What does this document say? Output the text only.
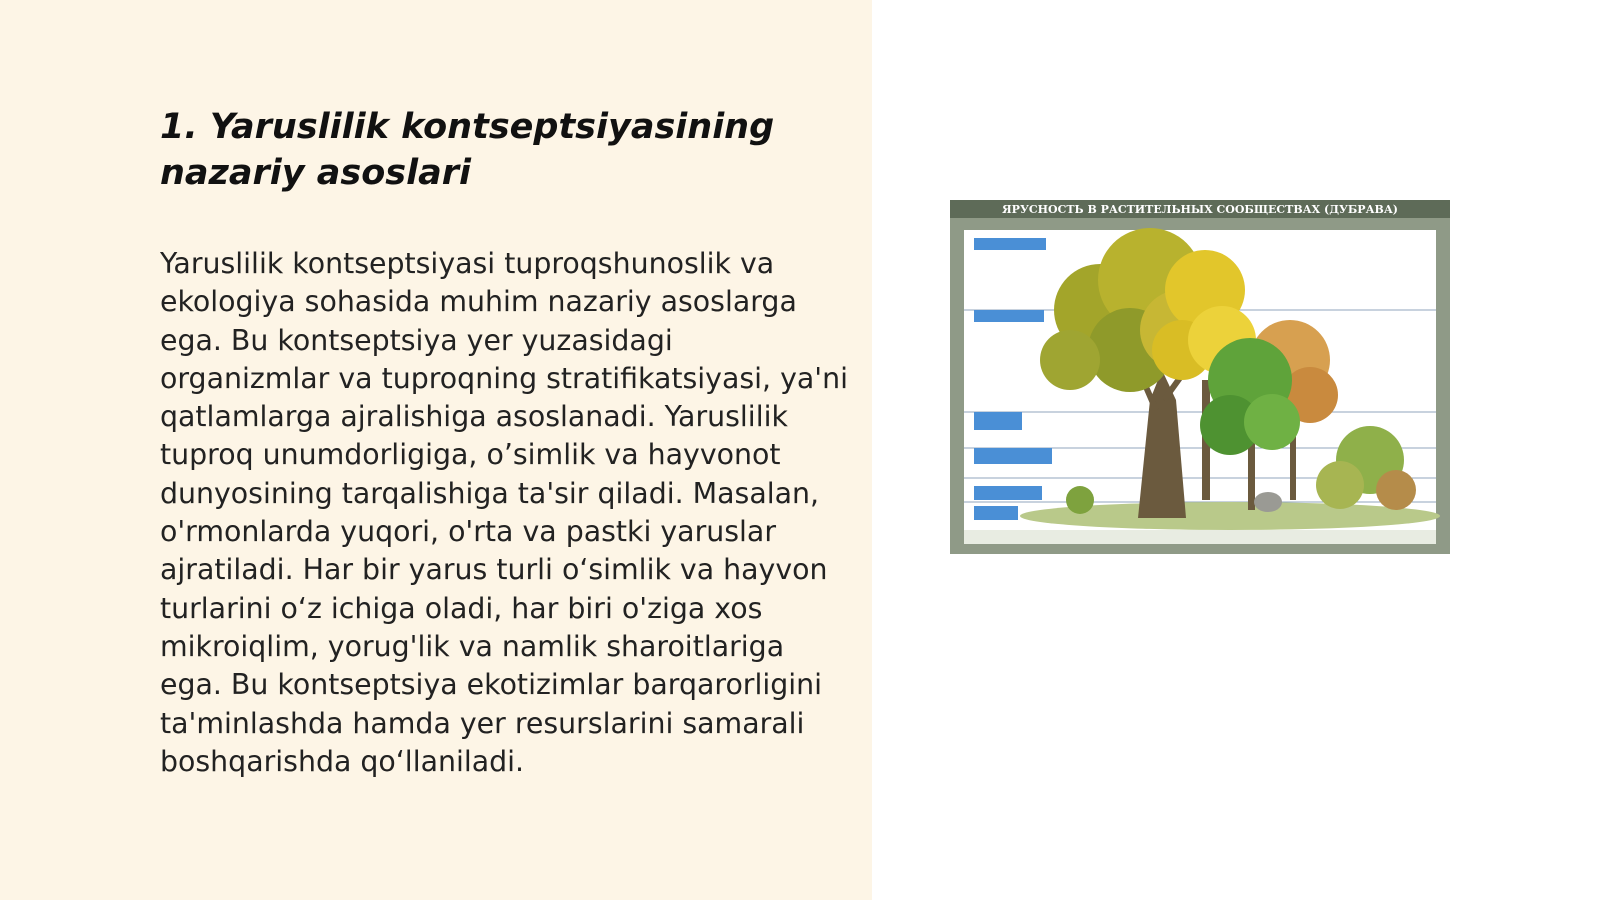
1. Yaruslilik kontseptsiyasining nazariy asoslari

Yaruslilik kontseptsiyasi tuproqshunoslik va ekologiya sohasida muhim nazariy asoslarga ega. Bu kontseptsiya yer yuzasidagi organizmlar va tuproqning stratifikatsiyasi, ya'ni qatlamlarga ajralishiga asoslanadi. Yaruslilik tuproq unumdorligiga, o’simlik va hayvonot dunyosining tarqalishiga ta'sir qiladi. Masalan, o'rmonlarda yuqori, o'rta va pastki yaruslar ajratiladi. Har bir yarus turli o‘simlik va hayvon turlarini o‘z ichiga oladi, har biri o'ziga xos mikroiqlim, yorug'lik va namlik sharoitlariga ega. Bu kontseptsiya ekotizimlar barqarorligini ta'minlashda hamda yer resurslarini samarali boshqarishda qo‘llaniladi.

ЯРУСНОСТЬ В РАСТИТЕЛЬНЫХ СООБЩЕСТВАХ (ДУБРАВА)
